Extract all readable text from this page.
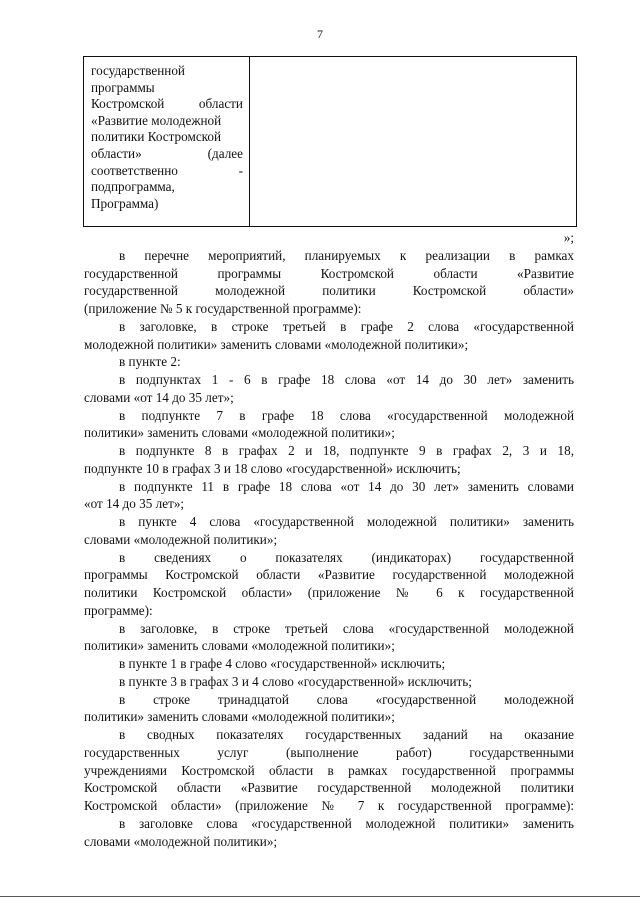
7
государственной
программы
Костромской области
«Развитие молодежной
политики Костромской
области» (далее
соответственно -
подпрограмма,
Программа)
»;
в перечне мероприятий, планируемых к реализации в рамках
государственной программы Костромской области «Развитие
государственной молодежной политики Костромской области»
(приложение № 5 к государственной программе):
в заголовке, в строке третьей в графе 2 слова «государственной
молодежной политики» заменить словами «молодежной политики»;
в пункте 2:
в подпунктах 1 - 6 в графе 18 слова «от 14 до 30 лет» заменить
словами «от 14 до 35 лет»;
в подпункте 7 в графе 18 слова «государственной молодежной
политики» заменить словами «молодежной политики»;
в подпункте 8 в графах 2 и 18, подпункте 9 в графах 2, 3 и 18,
подпункте 10 в графах 3 и 18 слово «государственной» исключить;
в подпункте 11 в графе 18 слова «от 14 до 30 лет» заменить словами
«от 14 до 35 лет»;
в пункте 4 слова «государственной молодежной политики» заменить
словами «молодежной политики»;
в сведениях о показателях (индикаторах) государственной
программы Костромской области «Развитие государственной молодежной
политики Костромской области» (приложение № 6 к государственной
программе):
в заголовке, в строке третьей слова «государственной молодежной
политики» заменить словами «молодежной политики»;
в пункте 1 в графе 4 слово «государственной» исключить;
в пункте 3 в графах 3 и 4 слово «государственной» исключить;
в строке тринадцатой слова «государственной молодежной
политики» заменить словами «молодежной политики»;
в сводных показателях государственных заданий на оказание
государственных услуг (выполнение работ) государственными
учреждениями Костромской области в рамках государственной программы
Костромской области «Развитие государственной молодежной политики
Костромской области» (приложение № 7 к государственной программе):
в заголовке слова «государственной молодежной политики» заменить
словами «молодежной политики»;
